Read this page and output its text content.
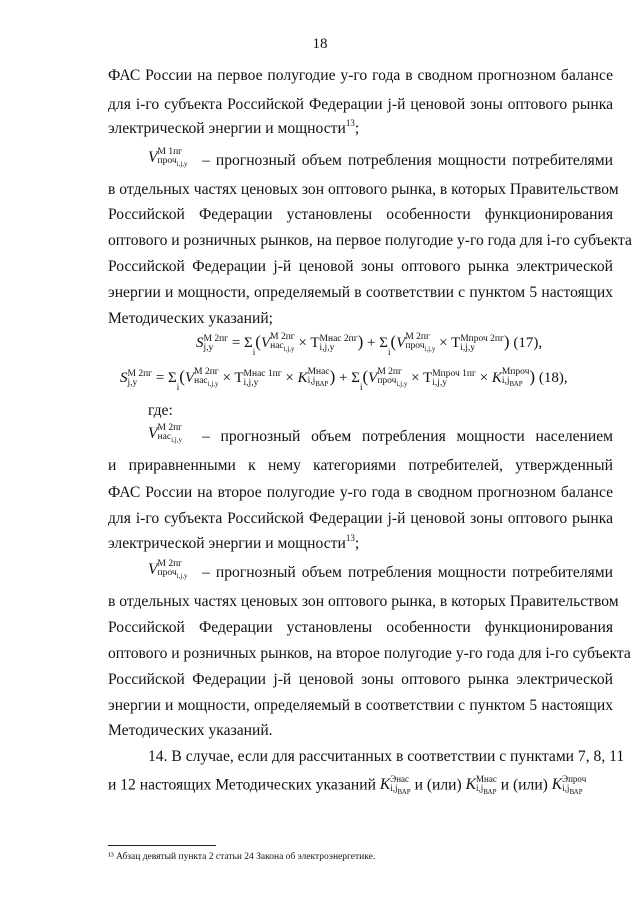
18
ФАС России на первое полугодие y-го года в сводном прогнозном балансе
для i-го субъекта Российской Федерации j-й ценовой зоны оптового рынка
электрической энергии и мощности$^{13}$;
V М 1пг
проч$_{i,j,y}$ – прогнозный объем потребления мощности потребителями
в отдельных частях ценовых зон оптового рынка, в которых Правительством
Российской Федерации установлены особенности функционирования
оптового и розничных рынков, на первое полугодие y-го года для i-го субъекта
Российской Федерации j-й ценовой зоны оптового рынка электрической
энергии и мощности, определяемый в соответствии с пунктом 5 настоящих
Методических указаний;
S М 2пг
$j,y = \Sigma_i(V$ М 2пг
нас$_{i,j,y}$ × T Мнас 2пг
i,j,y	) + $\Sigma_i(V$ М 2пг
проч$_{i,j,y}$ × T Мпроч 2пг
i,j,y	) (17),
S М 2пг
$j,y = \Sigma_i(V$ М 2пг
нас$_{i,j,y}$ × T Мнас 1пг
i,j,y	× K Мнас
$i,j_{ВАР}$ ) + $\Sigma_i(V$ М 2пг
проч$_{i,j,y}$ × T Мпроч 1пг
i,j,y	× K Мпроч
$i,j_{ВАР}$ ) (18),
где:
V М 2пг
нас$_{i,j,y}$ – прогнозный объем потребления мощности населением
и приравненными к нему категориями потребителей, утвержденный
ФАС России на второе полугодие y-го года в сводном прогнозном балансе
для i-го субъекта Российской Федерации j-й ценовой зоны оптового рынка
электрической энергии и мощности$^{13}$;
V М 2пг
проч$_{i,j,y}$ – прогнозный объем потребления мощности потребителями
в отдельных частях ценовых зон оптового рынка, в которых Правительством
Российской Федерации установлены особенности функционирования
оптового и розничных рынков, на второе полугодие y-го года для i-го субъекта
Российской Федерации j-й ценовой зоны оптового рынка электрической
энергии и мощности, определяемый в соответствии с пунктом 5 настоящих
Методических указаний.
14. В случае, если для рассчитанных в соответствии с пунктами 7, 8, 11
и 12 настоящих Методических указаний K Энас
$i,j_{ВАР}$ и (или) K Мнас
$i,j_{ВАР}$ и (или) K Эпроч
$i,j_{ВАР}$
¹³ Абзац девятый пункта 2 статьи 24 Закона об электроэнергетике.
